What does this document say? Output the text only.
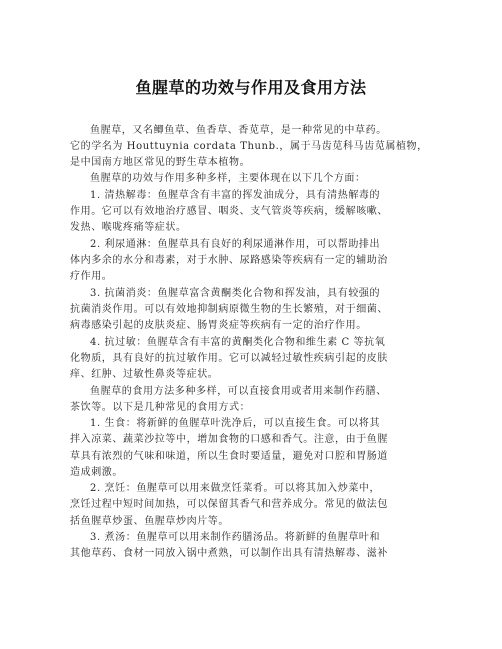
鱼腥草的功效与作用及食用方法
鱼腥草，又名鲫鱼草、鱼香草、香苋草，是一种常见的中草药。
它的学名为 Houttuynia cordata Thunb.，属于马齿苋科马齿苋属植物，
是中国南方地区常见的野生草本植物。
鱼腥草的功效与作用多种多样，主要体现在以下几个方面：
1. 清热解毒：鱼腥草含有丰富的挥发油成分，具有清热解毒的
作用。它可以有效地治疗感冒、咽炎、支气管炎等疾病，缓解咳嗽、
发热、喉咙疼痛等症状。
2. 利尿通淋：鱼腥草具有良好的利尿通淋作用，可以帮助排出
体内多余的水分和毒素，对于水肿、尿路感染等疾病有一定的辅助治
疗作用。
3. 抗菌消炎：鱼腥草富含黄酮类化合物和挥发油，具有较强的
抗菌消炎作用。可以有效地抑制病原微生物的生长繁殖，对于细菌、
病毒感染引起的皮肤炎症、肠胃炎症等疾病有一定的治疗作用。
4. 抗过敏：鱼腥草含有丰富的黄酮类化合物和维生素 C 等抗氧
化物质，具有良好的抗过敏作用。它可以减轻过敏性疾病引起的皮肤
痒、红肿、过敏性鼻炎等症状。
鱼腥草的食用方法多种多样，可以直接食用或者用来制作药膳、
茶饮等。以下是几种常见的食用方式：
1. 生食：将新鲜的鱼腥草叶洗净后，可以直接生食。可以将其
拌入凉菜、蔬菜沙拉等中，增加食物的口感和香气。注意，由于鱼腥
草具有浓烈的气味和味道，所以生食时要适量，避免对口腔和胃肠道
造成刺激。
2. 烹饪：鱼腥草可以用来做烹饪菜肴。可以将其加入炒菜中，
烹饪过程中短时间加热，可以保留其香气和营养成分。常见的做法包
括鱼腥草炒蛋、鱼腥草炒肉片等。
3. 煮汤：鱼腥草可以用来制作药膳汤品。将新鲜的鱼腥草叶和
其他草药、食材一同放入锅中煮熟，可以制作出具有清热解毒、滋补
